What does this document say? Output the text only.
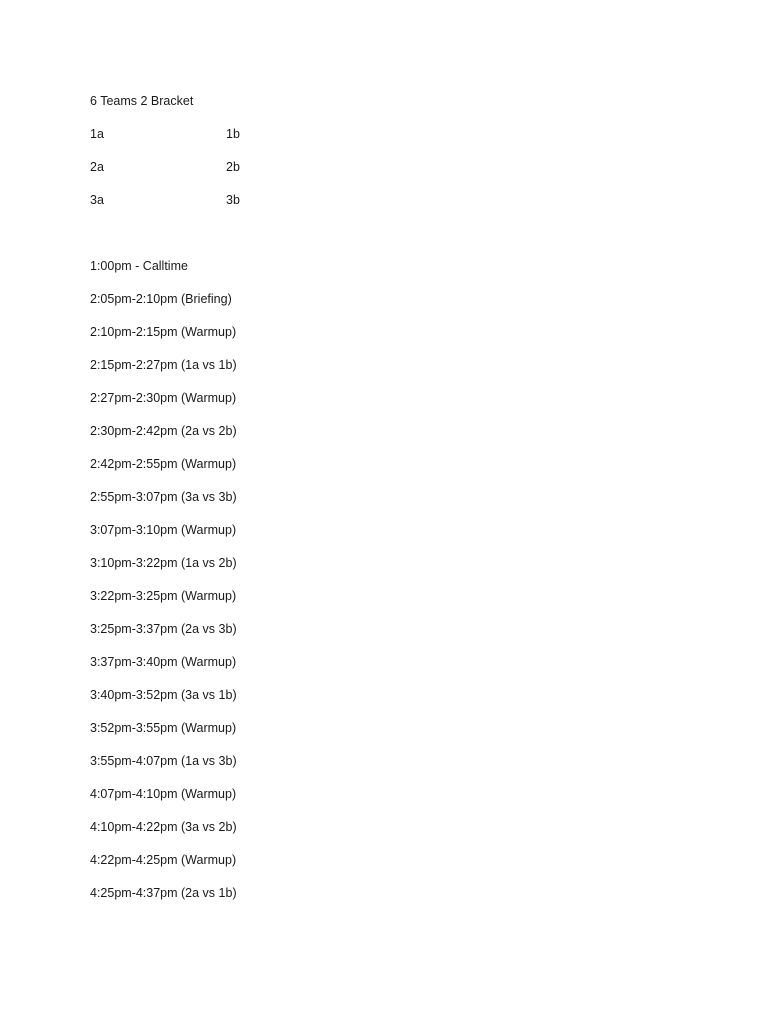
6 Teams 2 Bracket
1a	1b
2a	2b
3a	3b
1:00pm - Calltime
2:05pm-2:10pm (Briefing)
2:10pm-2:15pm (Warmup)
2:15pm-2:27pm (1a vs 1b)
2:27pm-2:30pm (Warmup)
2:30pm-2:42pm (2a vs 2b)
2:42pm-2:55pm (Warmup)
2:55pm-3:07pm (3a vs 3b)
3:07pm-3:10pm (Warmup)
3:10pm-3:22pm (1a vs 2b)
3:22pm-3:25pm (Warmup)
3:25pm-3:37pm (2a vs 3b)
3:37pm-3:40pm (Warmup)
3:40pm-3:52pm (3a vs 1b)
3:52pm-3:55pm (Warmup)
3:55pm-4:07pm (1a vs 3b)
4:07pm-4:10pm (Warmup)
4:10pm-4:22pm (3a vs 2b)
4:22pm-4:25pm (Warmup)
4:25pm-4:37pm (2a vs 1b)
